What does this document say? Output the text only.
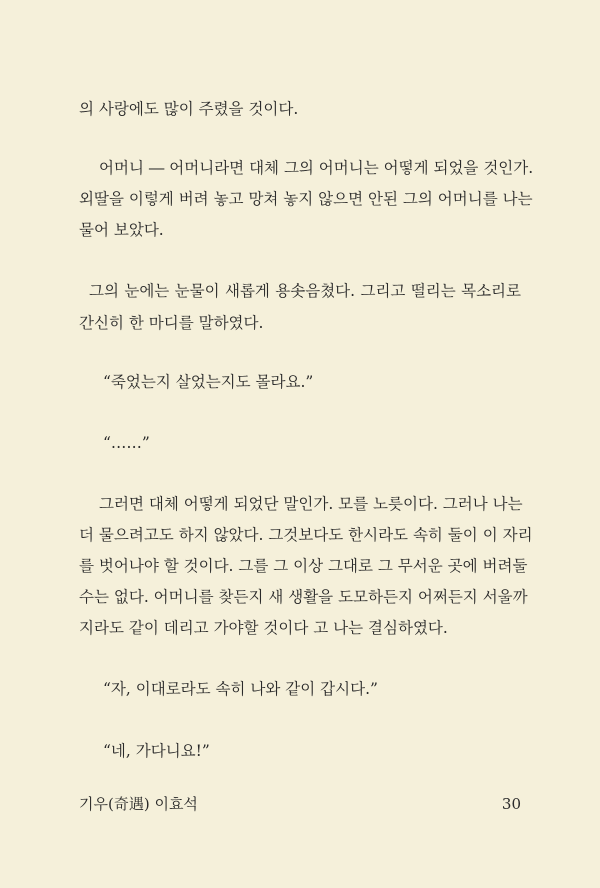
의 사랑에도 많이 주렸을 것이다.
어머니 ― 어머니라면 대체 그의 어머니는 어떻게 되었을 것인가.
외딸을 이렇게 버려 놓고 망쳐 놓지 않으면 안된 그의 어머니를 나는
물어 보았다.
그의 눈에는 눈물이 새롭게 용솟음쳤다. 그리고 떨리는 목소리로
간신히 한 마디를 말하였다.
“죽었는지 살었는지도 몰라요.”
“……”
그러면 대체 어떻게 되었단 말인가. 모를 노릇이다. 그러나 나는
더 물으려고도 하지 않았다. 그것보다도 한시라도 속히 둘이 이 자리
를 벗어나야 할 것이다. 그를 그 이상 그대로 그 무서운 곳에 버려둘
수는 없다. 어머니를 찾든지 새 생활을 도모하든지 어쩌든지 서울까
지라도 같이 데리고 가야할 것이다 고 나는 결심하였다.
“자, 이대로라도 속히 나와 같이 갑시다.”
“네, 가다니요!”
기우(奇遇) 이효석	30
